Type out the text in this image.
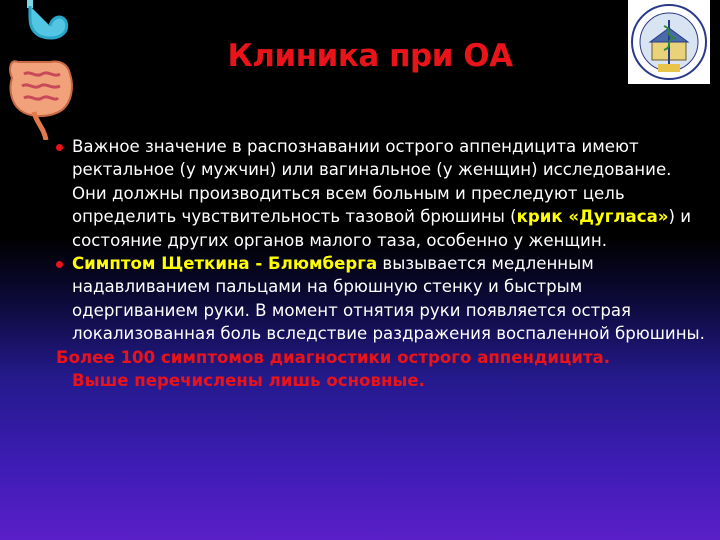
Клиника при ОА

Важное значение в распознавании острого аппендицита имеют ректальное (у мужчин) или вагинальное (у женщин) исследование. Они должны производиться всем больным и преследуют цель определить чувствительность тазовой брюшины (крик «Дугласа») и состояние других органов малого таза, особенно у женщин.

Симптом Щеткина - Блюмберга вызывается медленным надавливанием пальцами на брюшную стенку и быстрым одергиванием руки. В момент отнятия руки появляется острая локализованная боль вследствие раздражения воспаленной брюшины.

Более 100 симптомов диагностики острого аппендицита.
Выше перечислены лишь основные.
